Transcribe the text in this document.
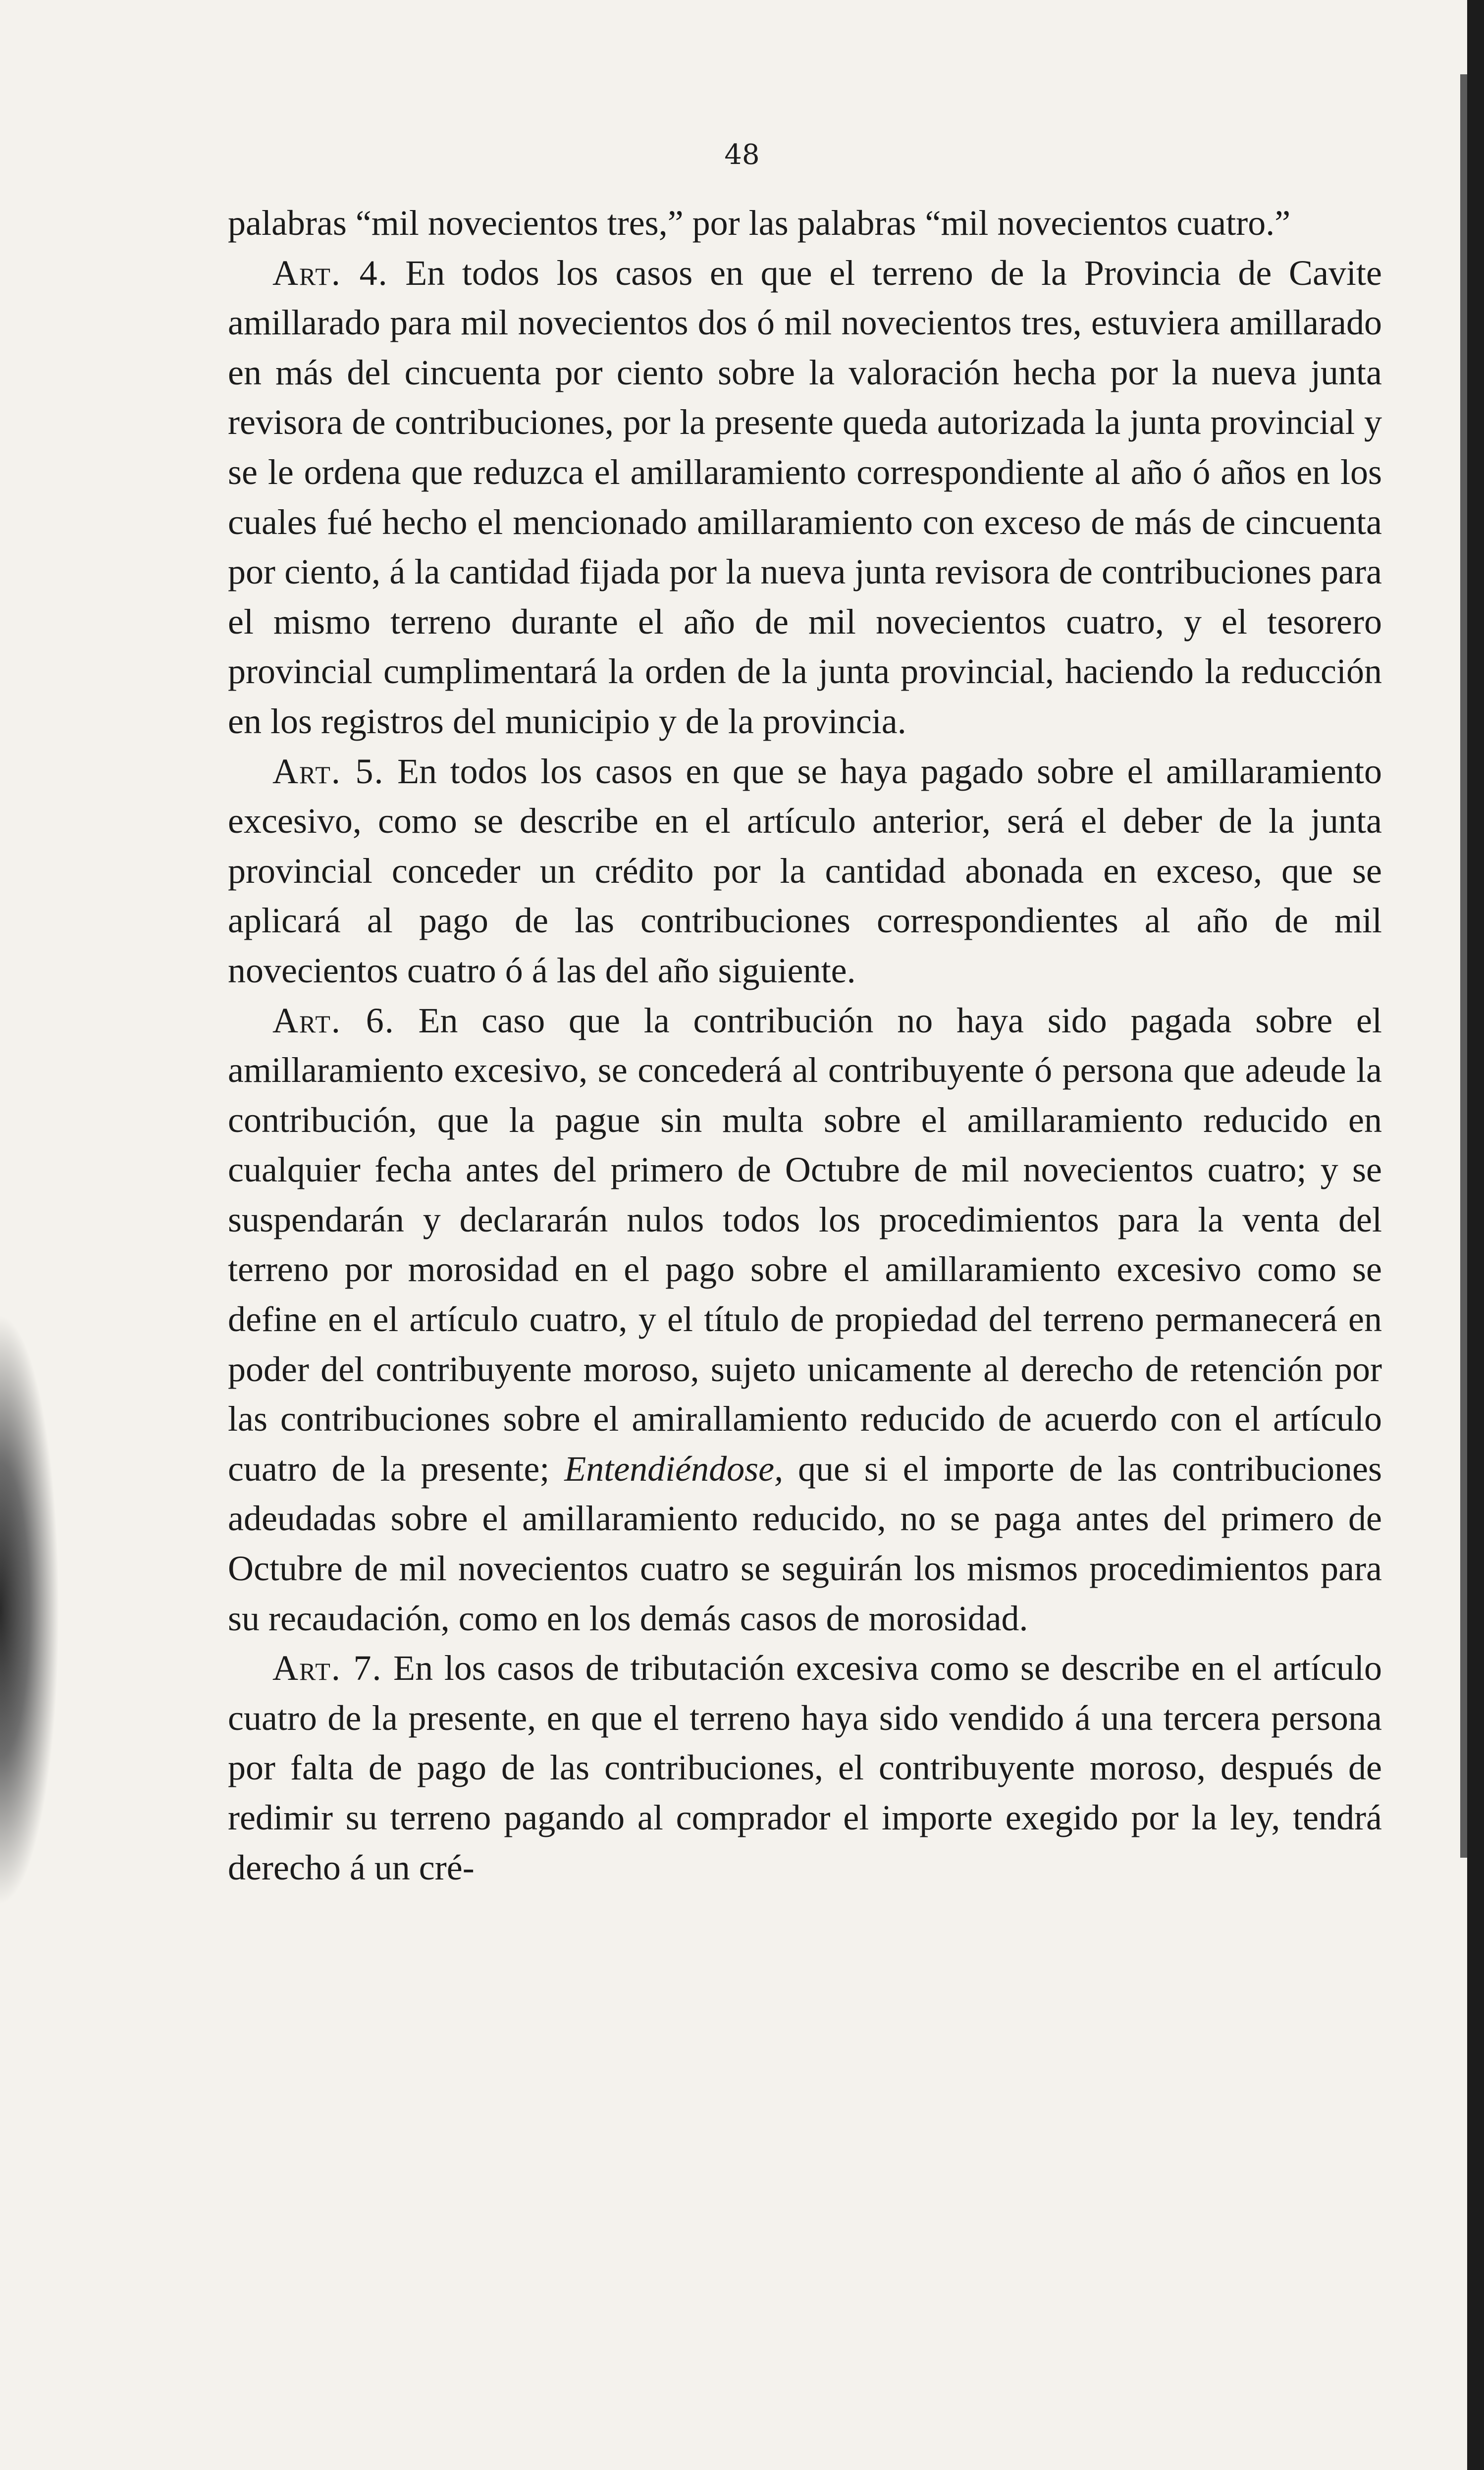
48

palabras “mil novecientos tres,” por las palabras “mil novecientos cuatro.”

Art. 4. En todos los casos en que el terreno de la Provincia de Cavite amillarado para mil novecientos dos ó mil novecientos tres, estuviera amillarado en más del cincuenta por ciento sobre la valoración hecha por la nueva junta revisora de contribuciones, por la presente queda autorizada la junta provincial y se le ordena que reduzca el amillaramiento correspondiente al año ó años en los cuales fué hecho el mencionado amillaramiento con exceso de más de cincuenta por ciento, á la cantidad fijada por la nueva junta revisora de contribuciones para el mismo terreno durante el año de mil novecientos cuatro, y el tesorero provincial cumplimentará la orden de la junta provincial, haciendo la reducción en los registros del municipio y de la provincia.

Art. 5. En todos los casos en que se haya pagado sobre el amillaramiento excesivo, como se describe en el artículo anterior, será el deber de la junta provincial conceder un crédito por la cantidad abonada en exceso, que se aplicará al pago de las contribuciones correspondientes al año de mil novecientos cuatro ó á las del año siguiente.

Art. 6. En caso que la contribución no haya sido pagada sobre el amillaramiento excesivo, se concederá al contribuyente ó persona que adeude la contribución, que la pague sin multa sobre el amillaramiento reducido en cualquier fecha antes del primero de Octubre de mil novecientos cuatro; y se suspendarán y declararán nulos todos los procedimientos para la venta del terreno por morosidad en el pago sobre el amillaramiento excesivo como se define en el artículo cuatro, y el título de propiedad del terreno permanecerá en poder del contribuyente moroso, sujeto unicamente al derecho de retención por las contribuciones sobre el amirallamiento reducido de acuerdo con el artículo cuatro de la presente; Entendiéndose, que si el importe de las contribuciones adeudadas sobre el amillaramiento reducido, no se paga antes del primero de Octubre de mil novecientos cuatro se seguirán los mismos procedimientos para su recaudación, como en los demás casos de morosidad.

Art. 7. En los casos de tributación excesiva como se describe en el artículo cuatro de la presente, en que el terreno haya sido vendido á una tercera persona por falta de pago de las contribuciones, el contribuyente moroso, después de redimir su terreno pagando al comprador el importe exegido por la ley, tendrá derecho á un cré-
